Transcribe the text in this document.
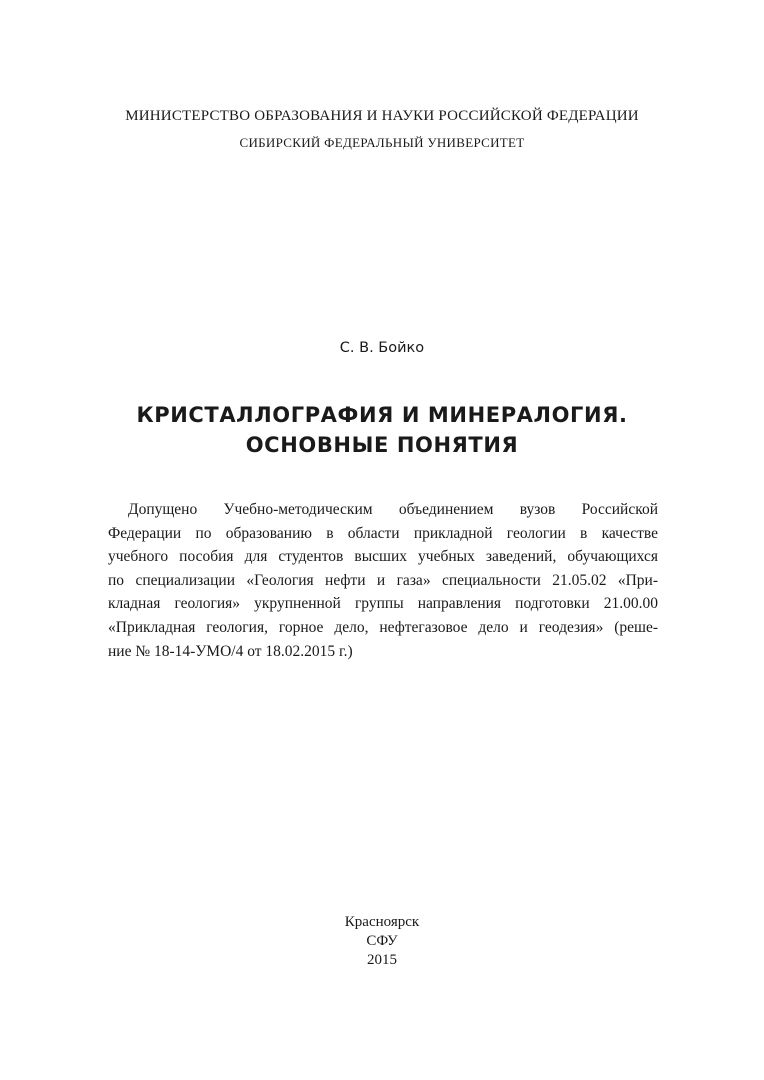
МИНИСТЕРСТВО ОБРАЗОВАНИЯ И НАУКИ РОССИЙСКОЙ ФЕДЕРАЦИИ
СИБИРСКИЙ ФЕДЕРАЛЬНЫЙ УНИВЕРСИТЕТ
С. В. Бойко
КРИСТАЛЛОГРАФИЯ И МИНЕРАЛОГИЯ.
ОСНОВНЫЕ ПОНЯТИЯ
Допущено Учебно-методическим объединением вузов Российской
Федерации по образованию в области прикладной геологии в качестве
учебного пособия для студентов высших учебных заведений, обучающихся
по специализации «Геология нефти и газа» специальности 21.05.02 «При-
кладная геология» укрупненной группы направления подготовки 21.00.00
«Прикладная геология, горное дело, нефтегазовое дело и геодезия» (реше-
ние № 18-14-УМО/4 от 18.02.2015 г.)
Красноярск
СФУ
2015
